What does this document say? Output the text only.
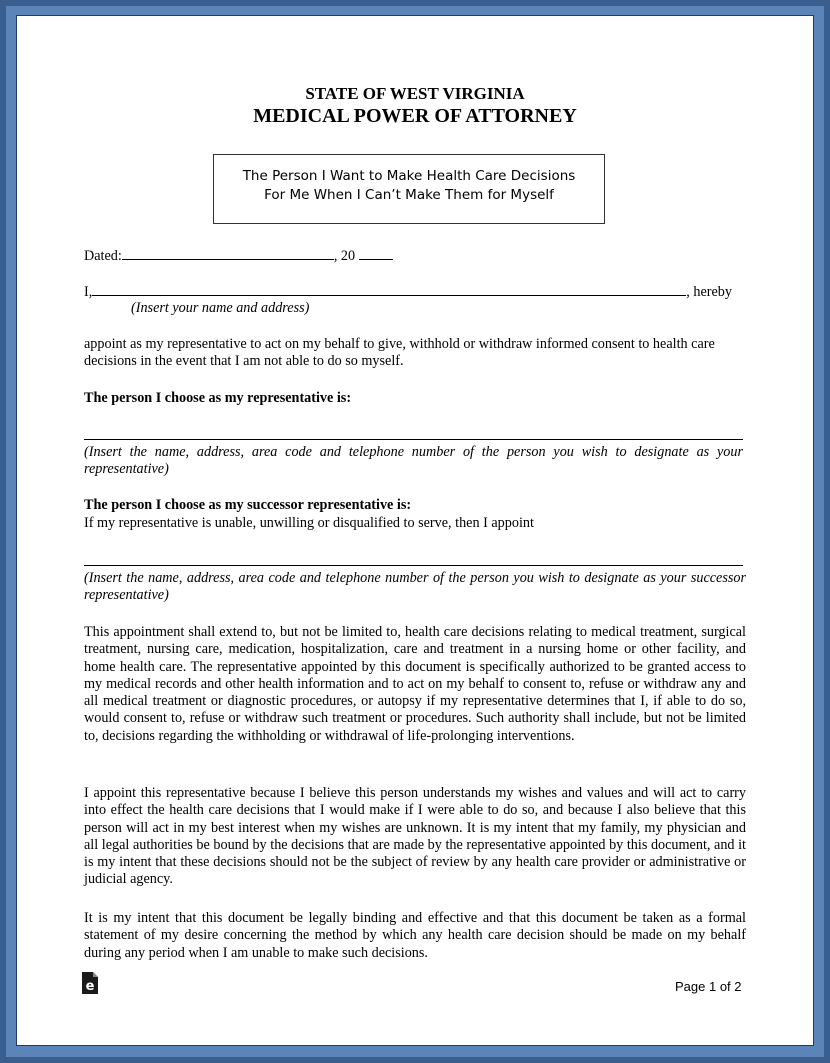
STATE OF WEST VIRGINIA
MEDICAL POWER OF ATTORNEY
The Person I Want to Make Health Care Decisions
For Me When I Can’t Make Them for Myself
Dated:	, 20
I,	, hereby
(Insert your name and address)
appoint as my representative to act on my behalf to give, withhold or withdraw informed consent to health care decisions in the event that I am not able to do so myself.
The person I choose as my representative is:
(Insert the name, address, area code and telephone number of the person you wish to designate as your representative)
The person I choose as my successor representative is:
If my representative is unable, unwilling or disqualified to serve, then I appoint
(Insert the name, address, area code and telephone number of the person you wish to designate as your successor representative)
This appointment shall extend to, but not be limited to, health care decisions relating to medical treatment, surgical treatment, nursing care, medication, hospitalization, care and treatment in a nursing home or other facility, and home health care. The representative appointed by this document is specifically authorized to be granted access to my medical records and other health information and to act on my behalf to consent to, refuse or withdraw any and all medical treatment or diagnostic procedures, or autopsy if my representative determines that I, if able to do so, would consent to, refuse or withdraw such treatment or procedures. Such authority shall include, but not be limited to, decisions regarding the withholding or withdrawal of life-prolonging interventions.
I appoint this representative because I believe this person understands my wishes and values and will act to carry into effect the health care decisions that I would make if I were able to do so, and because I also believe that this person will act in my best interest when my wishes are unknown. It is my intent that my family, my physician and all legal authorities be bound by the decisions that are made by the representative appointed by this document, and it is my intent that these decisions should not be the subject of review by any health care provider or administrative or judicial agency.
It is my intent that this document be legally binding and effective and that this document be taken as a formal statement of my desire concerning the method by which any health care decision should be made on my behalf during any period when I am unable to make such decisions.
e	Page 1 of 2
